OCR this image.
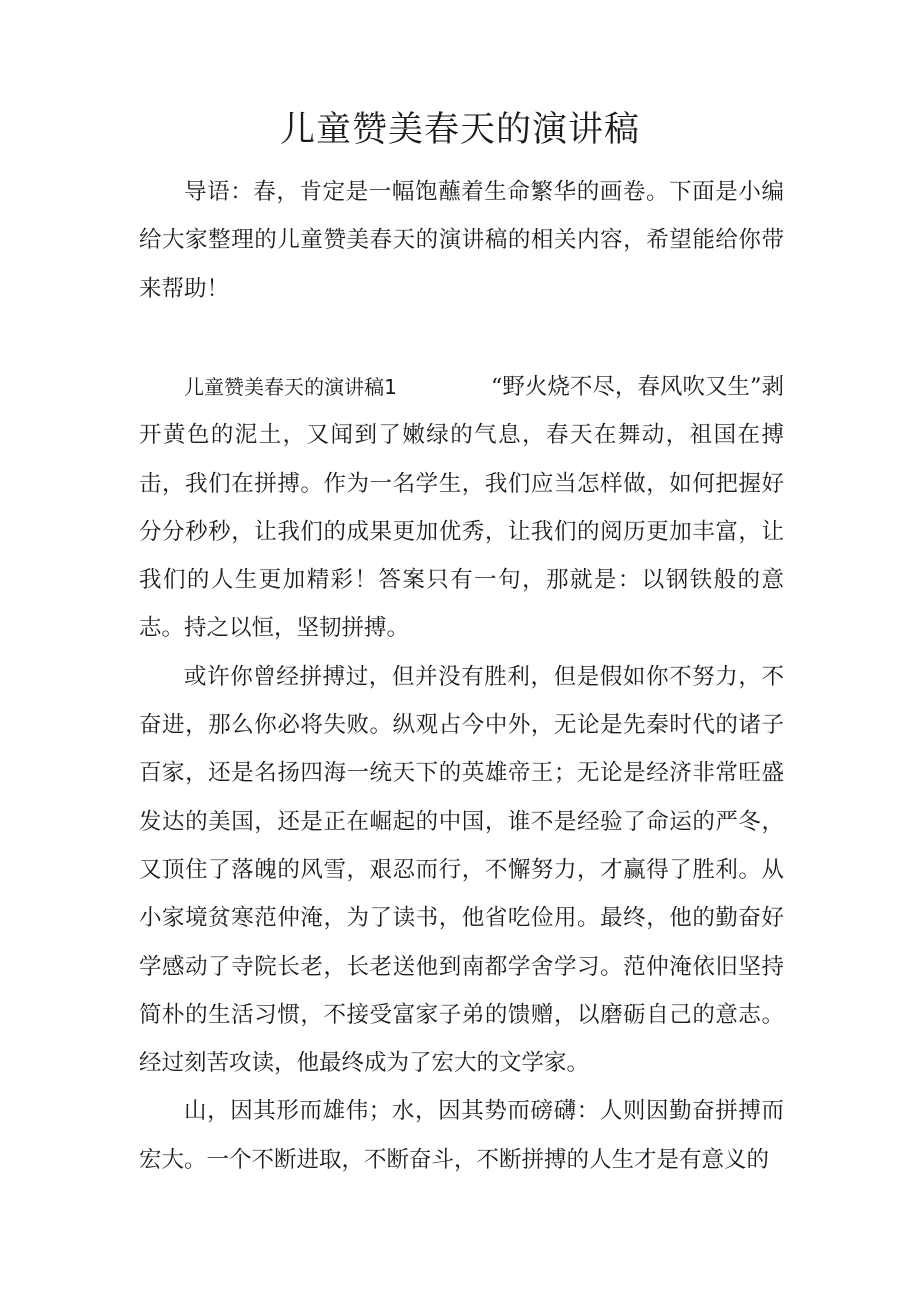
儿童赞美春天的演讲稿

导语：春，肯定是一幅饱蘸着生命繁华的画卷。下面是小编给大家整理的儿童赞美春天的演讲稿的相关内容，希望能给你带来帮助！

儿童赞美春天的演讲稿1	“野火烧不尽，春风吹又生”剥开黄色的泥土，又闻到了嫩绿的气息，春天在舞动，祖国在搏击，我们在拼搏。作为一名学生，我们应当怎样做，如何把握好分分秒秒，让我们的成果更加优秀，让我们的阅历更加丰富，让我们的人生更加精彩！答案只有一句，那就是：以钢铁般的意志。持之以恒，坚韧拼搏。

或许你曾经拼搏过，但并没有胜利，但是假如你不努力，不奋进，那么你必将失败。纵观占今中外，无论是先秦时代的诸子百家，还是名扬四海一统天下的英雄帝王；无论是经济非常旺盛发达的美国，还是正在崛起的中国，谁不是经验了命运的严冬，又顶住了落魄的风雪，艰忍而行，不懈努力，才赢得了胜利。从小家境贫寒范仲淹，为了读书，他省吃俭用。最终，他的勤奋好学感动了寺院长老，长老送他到南都学舍学习。范仲淹依旧坚持简朴的生活习惯，不接受富家子弟的馈赠，以磨砺自己的意志。经过刻苦攻读，他最终成为了宏大的文学家。

山，因其形而雄伟；水，因其势而磅礴：人则因勤奋拼搏而宏大。一个不断进取，不断奋斗，不断拼搏的人生才是有意义的
